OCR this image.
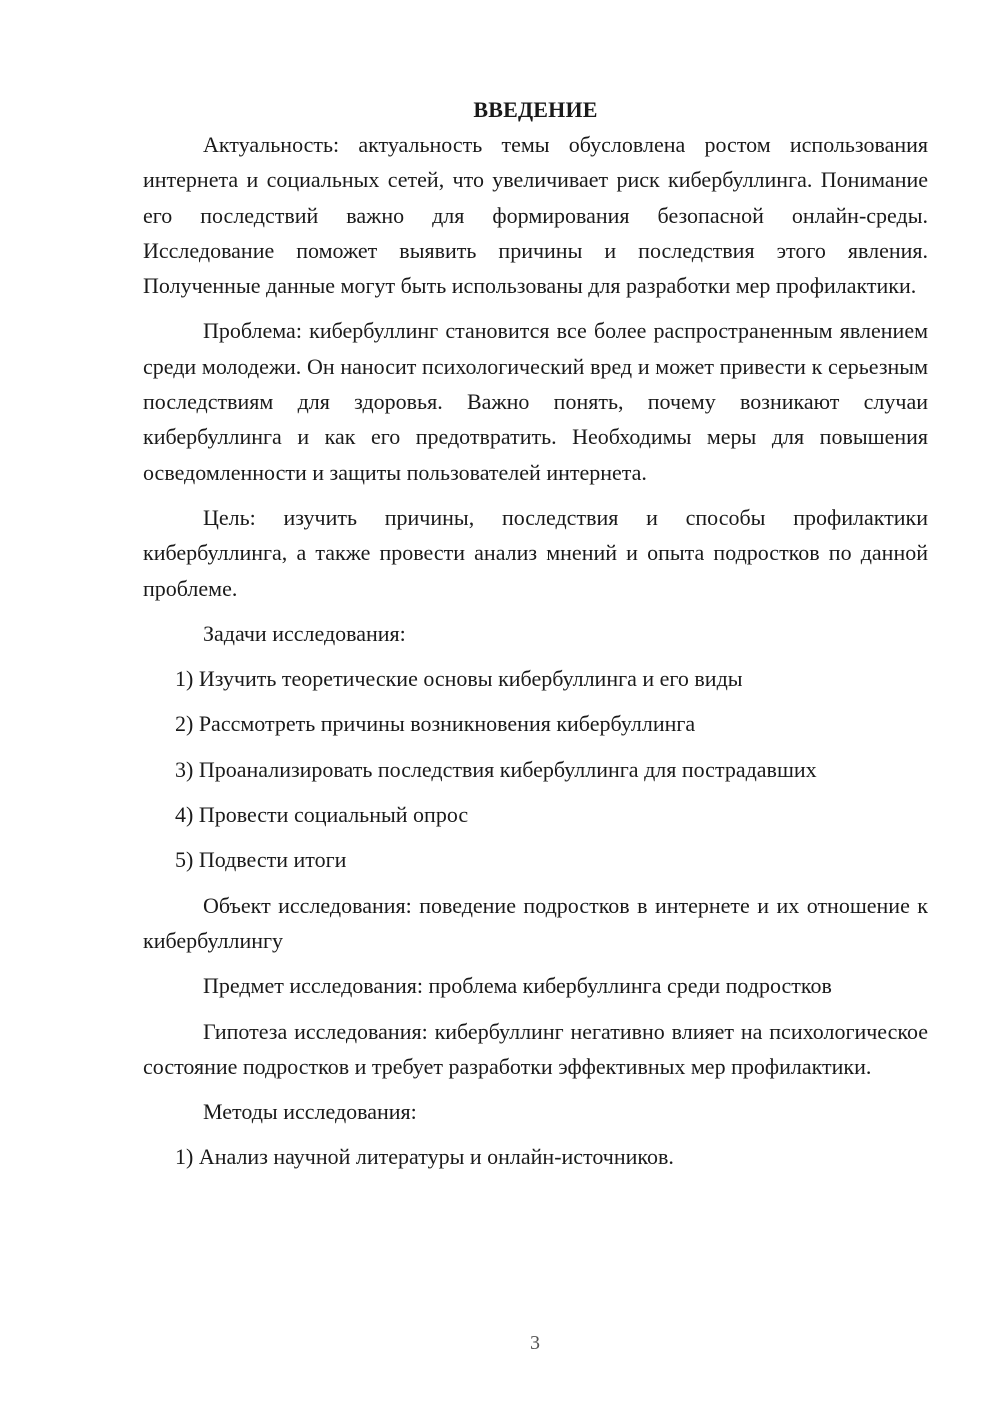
ВВЕДЕНИЕ

Актуальность: актуальность темы обусловлена ростом использования интернета и социальных сетей, что увеличивает риск кибербуллинга. Понимание его последствий важно для формирования безопасной онлайн-среды. Исследование поможет выявить причины и последствия этого явления. Полученные данные могут быть использованы для разработки мер профилактики.

Проблема: кибербуллинг становится все более распространенным явлением среди молодежи. Он наносит психологический вред и может привести к серьезным последствиям для здоровья. Важно понять, почему возникают случаи кибербуллинга и как его предотвратить. Необходимы меры для повышения осведомленности и защиты пользователей интернета.

Цель: изучить причины, последствия и способы профилактики кибербуллинга, а также провести анализ мнений и опыта подростков по данной проблеме.

Задачи исследования:

1) Изучить теоретические основы кибербуллинга и его виды

2) Рассмотреть причины возникновения кибербуллинга

3) Проанализировать последствия кибербуллинга для пострадавших

4) Провести социальный опрос

5) Подвести итоги

Объект исследования: поведение подростков в интернете и их отношение к кибербуллингу

Предмет исследования: проблема кибербуллинга среди подростков

Гипотеза исследования: кибербуллинг негативно влияет на психологическое состояние подростков и требует разработки эффективных мер профилактики.

Методы исследования:

1) Анализ научной литературы и онлайн-источников.

3
